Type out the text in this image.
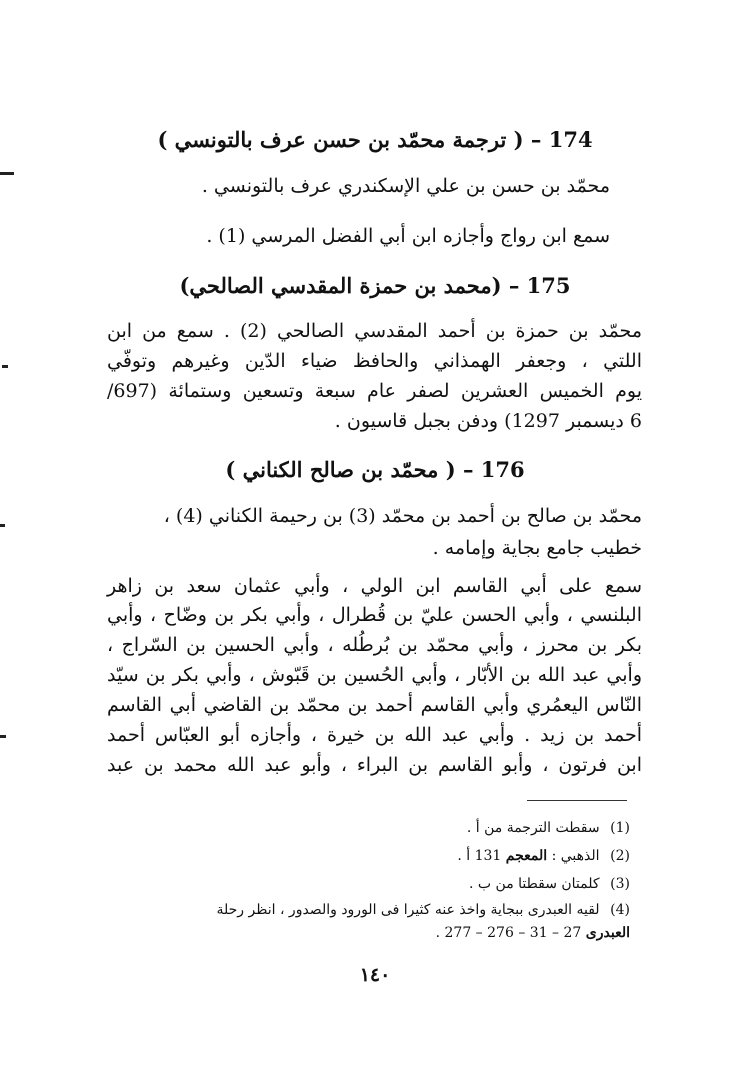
174 – ( ترجمة محمّد بن حسن عرف بالتونسي )
محمّد بن حسن بن علي الإسكندري عرف بالتونسي .
سمع ابن رواج وأجازه ابن أبي الفضل المرسي (1) .
175 – (محمد بن حمزة المقدسي الصالحي)
محمّد بن حمزة بن أحمد المقدسي الصالحي (2) . سمع من ابن
اللتي ، وجعفر الهمذاني والحافظ ضياء الدّين وغيرهم وتوفّي
يوم الخميس العشرين لصفر عام سبعة وتسعين وستمائة (697/
6 ديسمبر 1297) ودفن بجبل قاسيون .
176 – ( محمّد بن صالح الكناني )
محمّد بن صالح بن أحمد بن محمّد (3) بن رحيمة الكناني (4) ،
خطيب جامع بجاية وإمامه .
سمع على أبي القاسم ابن الولي ، وأبي عثمان سعد بن زاهر
البلنسي ، وأبي الحسن عليّ بن قُطرال ، وأبي بكر بن وضّاح ، وأبي
بكر بن محرز ، وأبي محمّد بن بُرطُله ، وأبي الحسين بن السّراج ،
وأبي عبد الله بن الأبّار ، وأبي الحُسين بن قَبّوش ، وأبي بكر بن سيّد
النّاس اليعمُري وأبي القاسم أحمد بن محمّد بن القاضي أبي القاسم
أحمد بن زيد . وأبي عبد الله بن خيرة ، وأجازه أبو العبّاس أحمد
ابن فرتون ، وأبو القاسم بن البراء ، وأبو عبد الله محمد بن عبد
(1) سقطت الترجمة من أ .
(2) الذهبي : المعجم 131 أ .
(3) كلمتان سقطتا من ب .
(4) لقيه العبدرى ببجاية واخذ عنه كثيرا فى الورود والصدور ، انظر رحلة
العبدرى 27 – 31 – 276 – 277 .
١٤٠
